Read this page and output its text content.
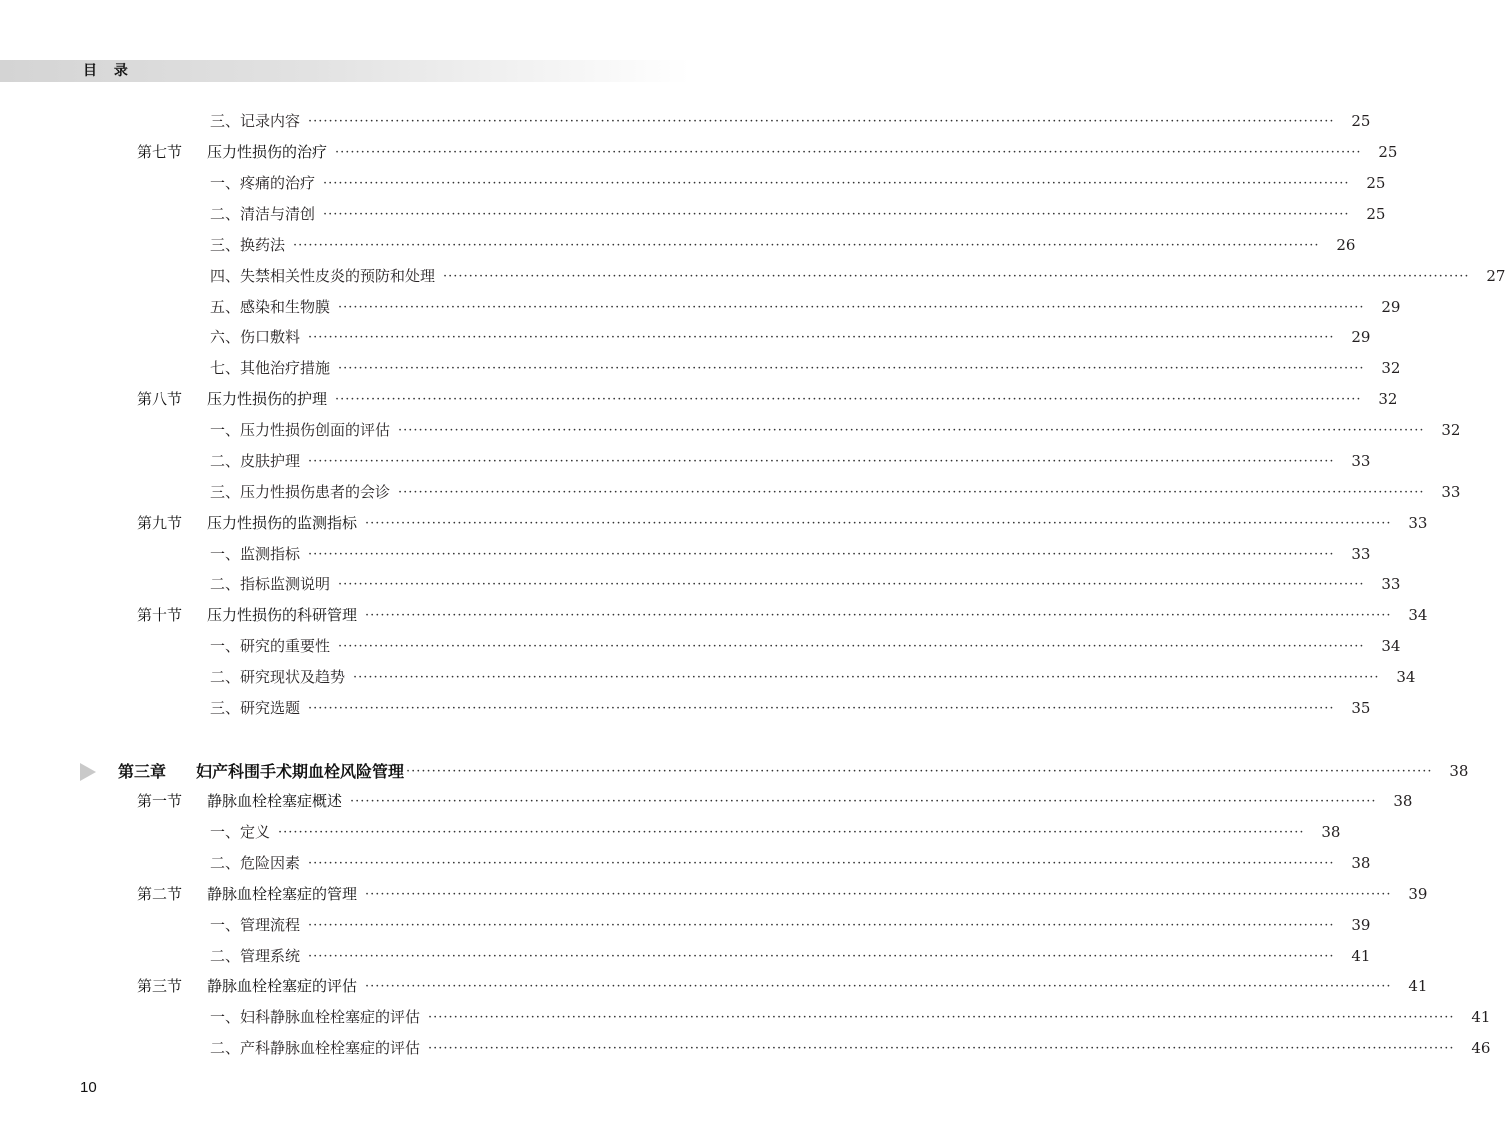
目 录
三、记录内容 ········································································································································································································	25
第七节	压力性损伤的治疗 ········································································································································································································	25
一、疼痛的治疗 ········································································································································································································	25
二、清洁与清创 ········································································································································································································	25
三、换药法 ········································································································································································································	26
四、失禁相关性皮炎的预防和处理 ········································································································································································································	27
五、感染和生物膜 ········································································································································································································	29
六、伤口敷料 ········································································································································································································	29
七、其他治疗措施 ········································································································································································································	32
第八节	压力性损伤的护理 ········································································································································································································	32
一、压力性损伤创面的评估 ········································································································································································································	32
二、皮肤护理 ········································································································································································································	33
三、压力性损伤患者的会诊 ········································································································································································································	33
第九节	压力性损伤的监测指标 ········································································································································································································	33
一、监测指标 ········································································································································································································	33
二、指标监测说明 ········································································································································································································	33
第十节	压力性损伤的科研管理 ········································································································································································································	34
一、研究的重要性 ········································································································································································································	34
二、研究现状及趋势 ········································································································································································································	34
三、研究选题 ········································································································································································································	35
第三章	妇产科围手术期血栓风险管理 ········································································································································································································	38
第一节	静脉血栓栓塞症概述 ········································································································································································································	38
一、定义 ········································································································································································································	38
二、危险因素 ········································································································································································································	38
第二节	静脉血栓栓塞症的管理 ········································································································································································································	39
一、管理流程 ········································································································································································································	39
二、管理系统 ········································································································································································································	41
第三节	静脉血栓栓塞症的评估 ········································································································································································································	41
一、妇科静脉血栓栓塞症的评估 ········································································································································································································	41
二、产科静脉血栓栓塞症的评估 ········································································································································································································	46
10
